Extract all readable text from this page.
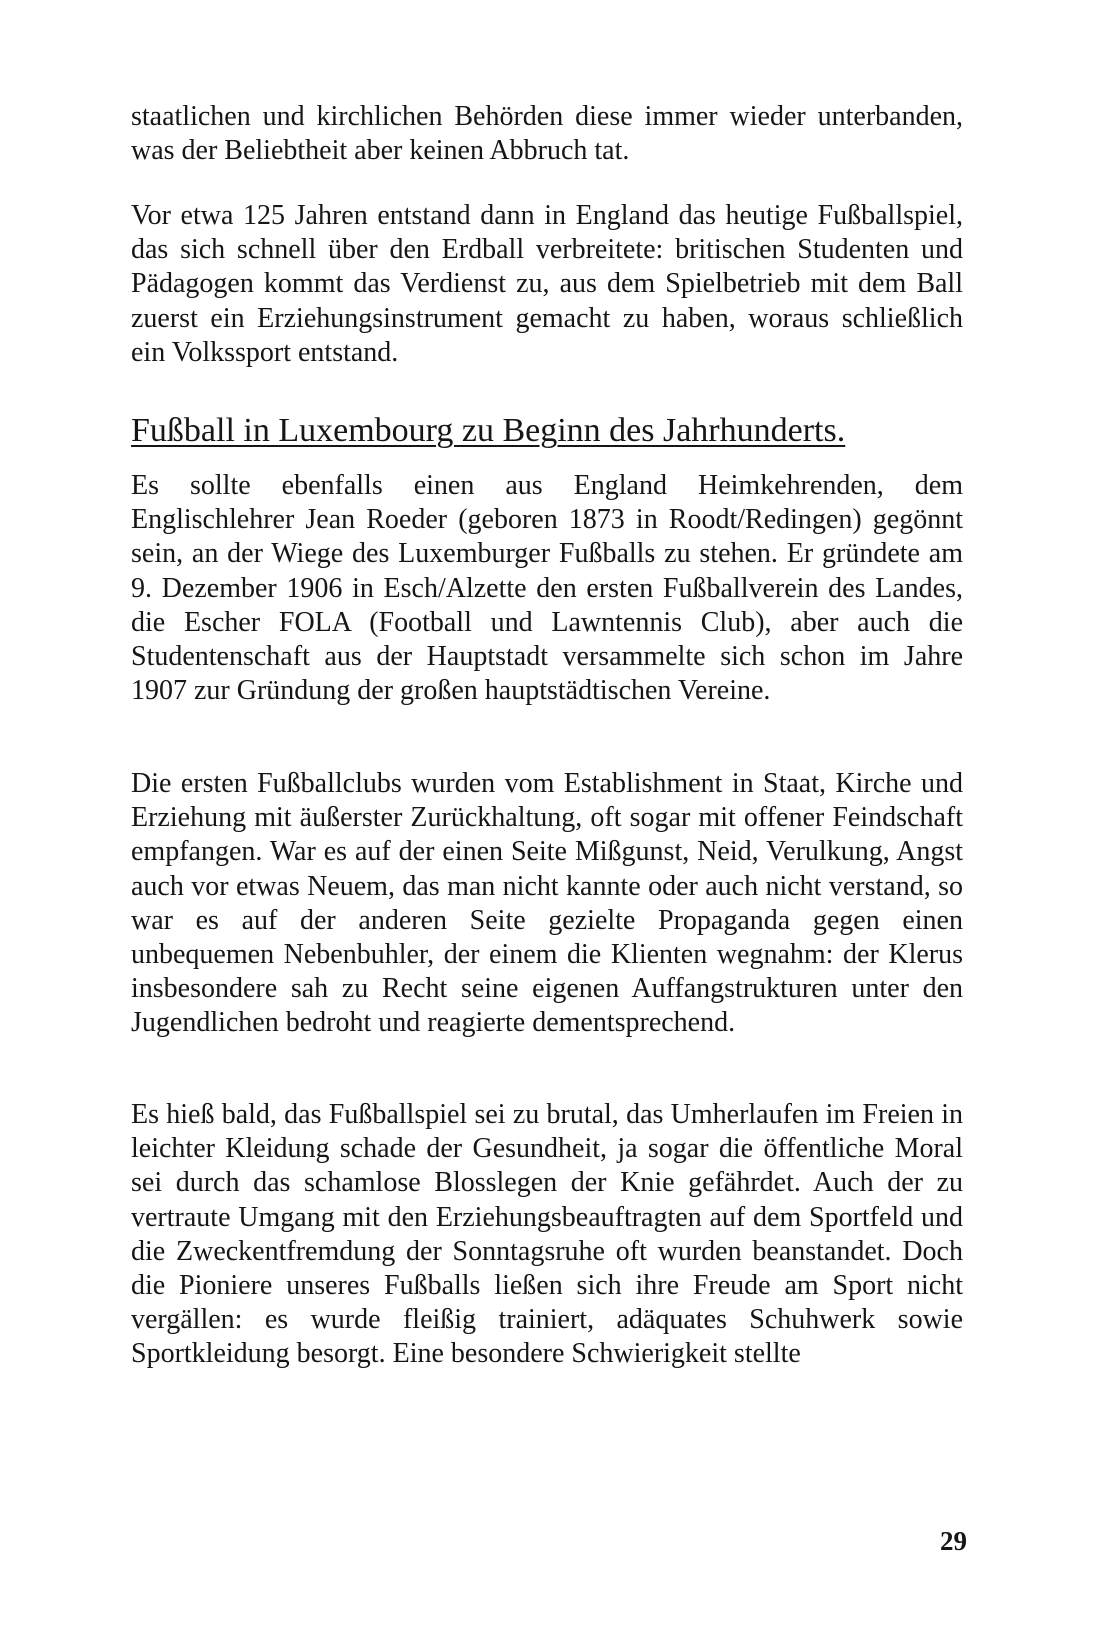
staatlichen und kirchlichen Behörden diese immer wieder unterbanden, was der Beliebtheit aber keinen Abbruch tat.

Vor etwa 125 Jahren entstand dann in England das heutige Fußballspiel, das sich schnell über den Erdball verbreitete: britischen Studenten und Pädagogen kommt das Verdienst zu, aus dem Spielbetrieb mit dem Ball zuerst ein Erziehungsinstrument gemacht zu haben, woraus schließlich ein Volkssport entstand.

Fußball in Luxembourg zu Beginn des Jahrhunderts.

Es sollte ebenfalls einen aus England Heimkehrenden, dem Englischlehrer Jean Roeder (geboren 1873 in Roodt/Redingen) gegönnt sein, an der Wiege des Luxemburger Fußballs zu stehen. Er gründete am 9. Dezember 1906 in Esch/Alzette den ersten Fußballverein des Landes, die Escher FOLA (Football und Lawntennis Club), aber auch die Studentenschaft aus der Hauptstadt versammelte sich schon im Jahre 1907 zur Gründung der großen hauptstädtischen Vereine.

Die ersten Fußballclubs wurden vom Establishment in Staat, Kirche und Erziehung mit äußerster Zurückhaltung, oft sogar mit offener Feindschaft empfangen. War es auf der einen Seite Mißgunst, Neid, Verulkung, Angst auch vor etwas Neuem, das man nicht kannte oder auch nicht verstand, so war es auf der anderen Seite gezielte Propaganda gegen einen unbequemen Nebenbuhler, der einem die Klienten wegnahm: der Klerus insbesondere sah zu Recht seine eigenen Auffangstrukturen unter den Jugendlichen bedroht und reagierte dementsprechend.

Es hieß bald, das Fußballspiel sei zu brutal, das Umherlaufen im Freien in leichter Kleidung schade der Gesundheit, ja sogar die öffentliche Moral sei durch das schamlose Blosslegen der Knie gefährdet. Auch der zu vertraute Umgang mit den Erziehungsbeauftragten auf dem Sportfeld und die Zweckentfremdung der Sonntagsruhe oft wurden beanstandet. Doch die Pioniere unseres Fußballs ließen sich ihre Freude am Sport nicht vergällen: es wurde fleißig trainiert, adäquates Schuhwerk sowie Sportkleidung besorgt. Eine besondere Schwierigkeit stellte

29
